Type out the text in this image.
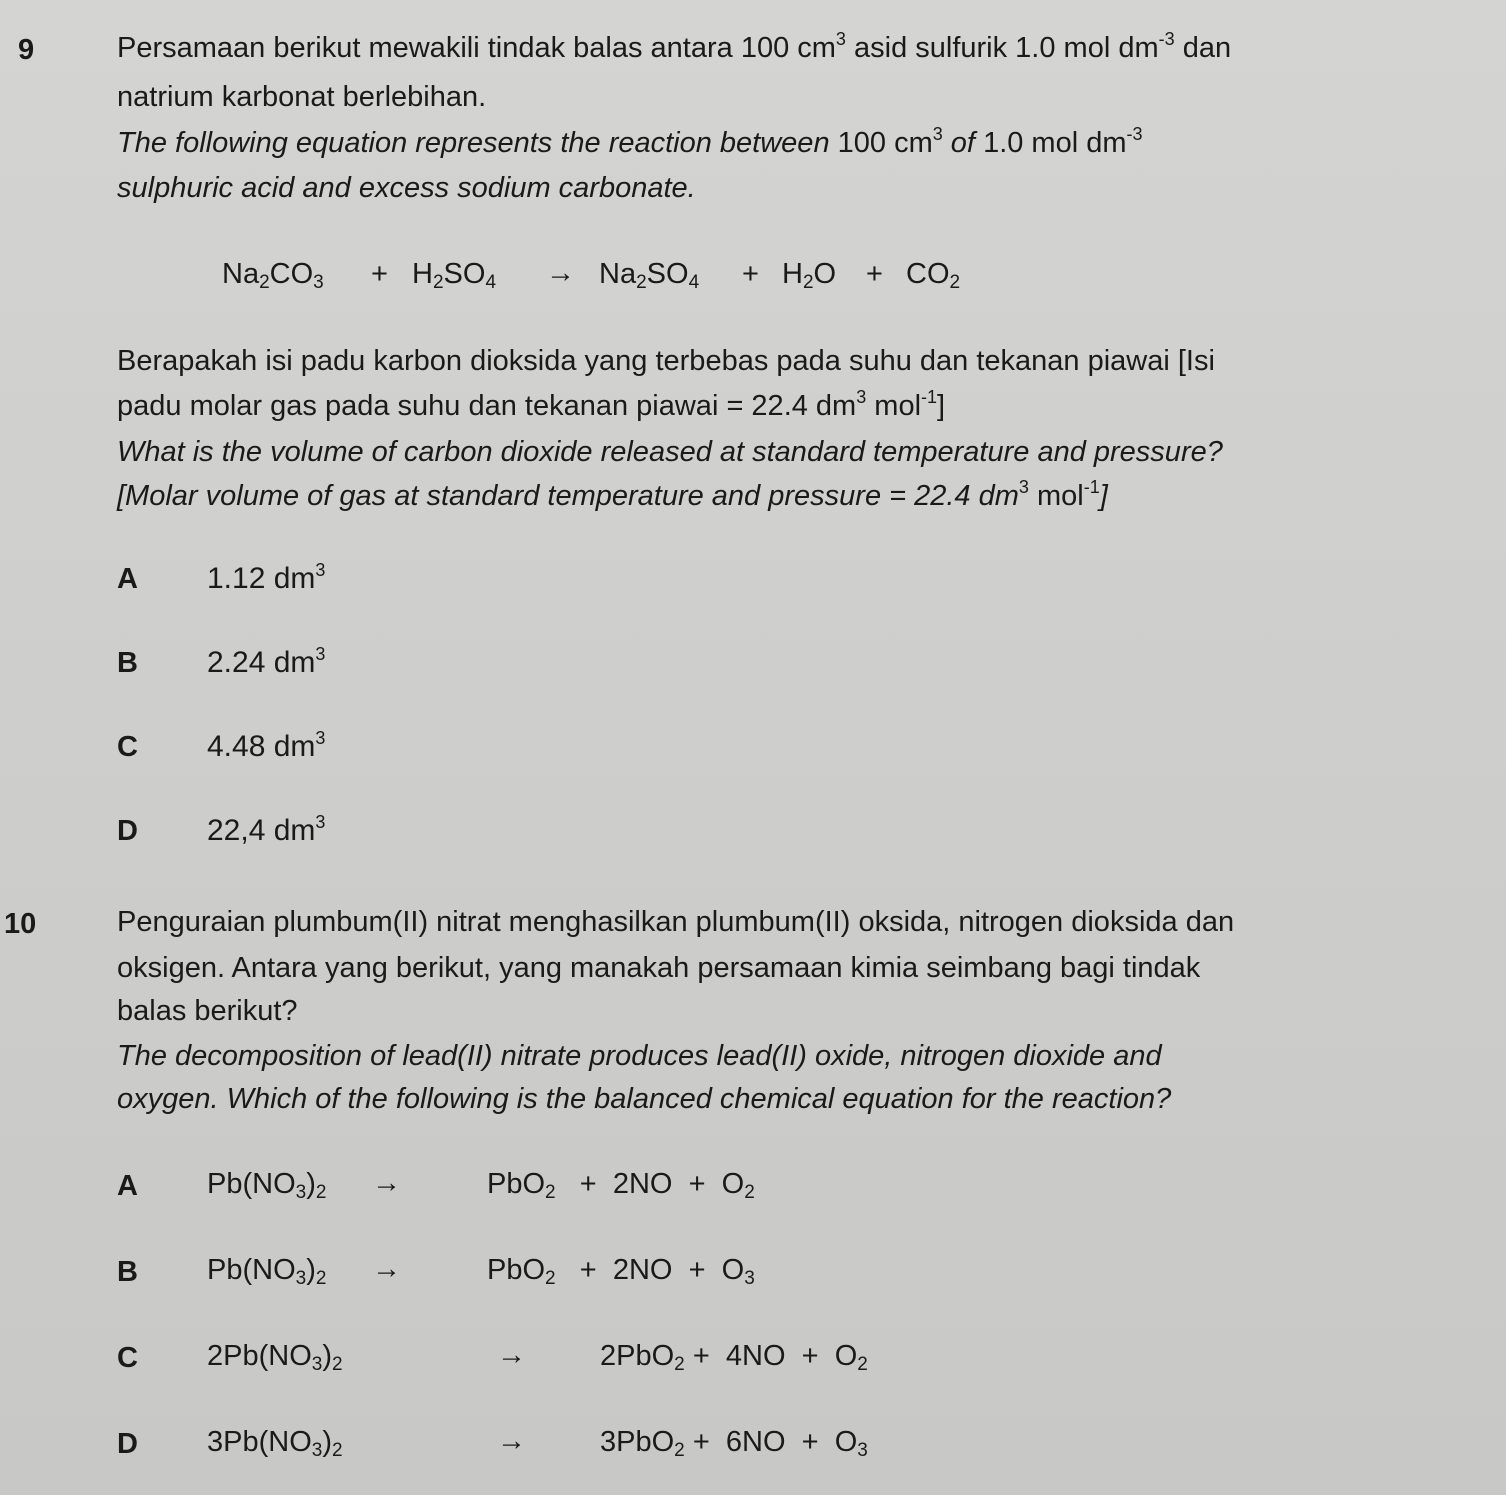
9	Persamaan berikut mewakili tindak balas antara 100 $cm^3$ asid sulfurik 1.0 mol $dm^{-3}$ dan
natrium karbonat berlebihan.
The following equation represents the reaction between 100 $cm^3$ of 1.0 mol $dm^{-3}$
sulphuric acid and excess sodium carbonate.
$Na_2CO_3 + H_2SO_4 \to Na_2SO_4 + H_2O + CO_2$
Berapakah isi padu karbon dioksida yang terbebas pada suhu dan tekanan piawai [Isi
padu molar gas pada suhu dan tekanan piawai = 22.4 $dm^3$ mol$^{-1}$]
What is the volume of carbon dioxide released at standard temperature and pressure?
[Molar volume of gas at standard temperature and pressure = 22.4 $dm^3$ mol$^{-1}$]
A 1.12 $dm^3$
B 2.24 $dm^3$
C 4.48 $dm^3$
D 22,4 $dm^3$
10	Penguraian plumbum(II) nitrat menghasilkan plumbum(II) oksida, nitrogen dioksida dan
oksigen. Antara yang berikut, yang manakah persamaan kimia seimbang bagi tindak
balas berikut?
The decomposition of lead(II) nitrate produces lead(II) oxide, nitrogen dioxide and
oxygen. Which of the following is the balanced chemical equation for the reaction?
A $Pb(NO_3)_2$ →	$PbO_2 + 2NO + O_2$
B $Pb(NO_3)_2$ →	$PbO_2 + 2NO + O_3$
C $2Pb(NO_3)_2$	→	$2PbO_2 + 4NO + O_2$
D $3Pb(NO_3)_2$	→	$3PbO_2 + 6NO + O_3$
